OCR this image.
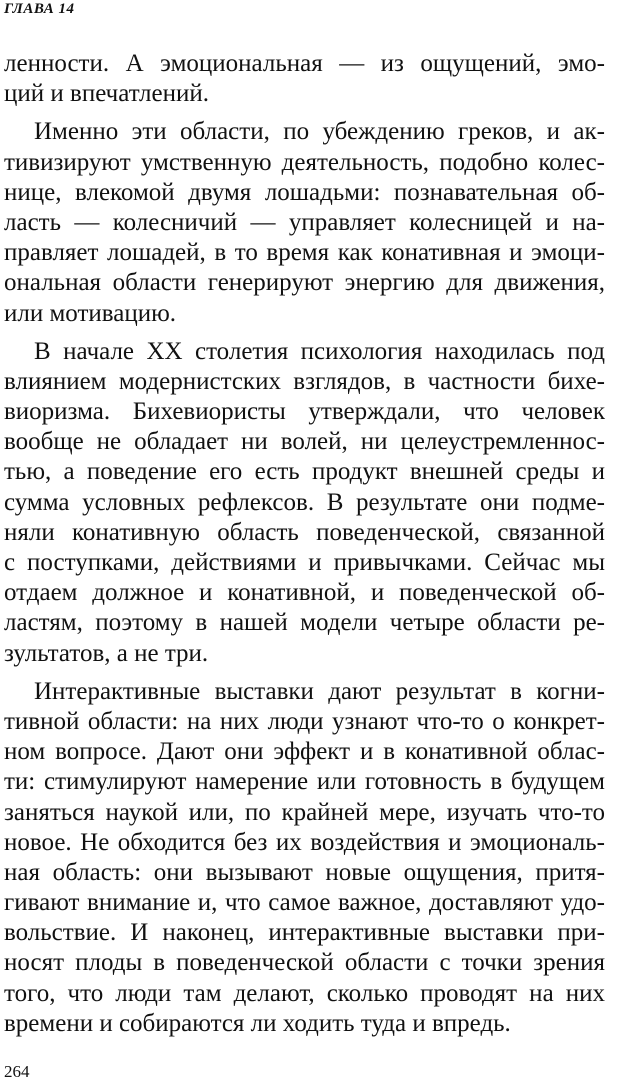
ГЛАВА 14
ленности. А эмоциональная — из ощущений, эмо-
ций и впечатлений.
Именно эти области, по убеждению греков, и ак-
тивизируют умственную деятельность, подобно колес-
нице, влекомой двумя лошадьми: познавательная об-
ласть — колесничий — управляет колесницей и на-
правляет лошадей, в то время как конативная и эмоци-
ональная области генерируют энергию для движения,
или мотивацию.
В начале XX столетия психология находилась под
влиянием модернистских взглядов, в частности бихе-
виоризма. Бихевиористы утверждали, что человек
вообще не обладает ни волей, ни целеустремленнос-
тью, а поведение его есть продукт внешней среды и
сумма условных рефлексов. В результате они подме-
няли конативную область поведенческой, связанной
с поступками, действиями и привычками. Сейчас мы
отдаем должное и конативной, и поведенческой об-
ластям, поэтому в нашей модели четыре области ре-
зультатов, а не три.
Интерактивные выставки дают результат в когни-
тивной области: на них люди узнают что-то о конкрет-
ном вопросе. Дают они эффект и в конативной облас-
ти: стимулируют намерение или готовность в будущем
заняться наукой или, по крайней мере, изучать что-то
новое. Не обходится без их воздействия и эмоциональ-
ная область: они вызывают новые ощущения, притя-
гивают внимание и, что самое важное, доставляют удо-
вольствие. И наконец, интерактивные выставки при-
носят плоды в поведенческой области с точки зрения
того, что люди там делают, сколько проводят на них
времени и собираются ли ходить туда и впредь.
264
